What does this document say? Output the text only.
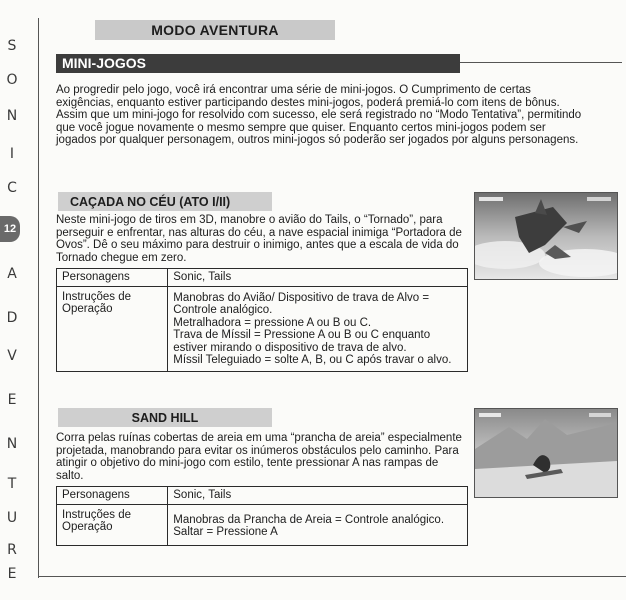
S
O
N
I
C
12
A
D
V
E
N
T
U
R
E
MODO AVENTURA
MINI-JOGOS

Ao progredir pelo jogo, você irá encontrar uma série de mini-jogos. O Cumprimento de certas exigências, enquanto estiver participando destes mini-jogos, poderá premiá-lo com itens de bônus. Assim que um mini-jogo for resolvido com sucesso, ele será registrado no “Modo Tentativa”, permitindo que você jogue novamente o mesmo sempre que quiser. Enquanto certos mini-jogos podem ser jogados por qualquer personagem, outros mini-jogos só poderão ser jogados por alguns personagens.

CAÇADA NO CÉU (ATO I/II)

Neste mini-jogo de tiros em 3D, manobre o avião do Tails, o “Tornado”, para perseguir e enfrentar, nas alturas do céu, a nave espacial inimiga “Portadora de Ovos”. Dê o seu máximo para destruir o inimigo, antes que a escala de vida do Tornado chegue em zero.

Personagens	Sonic, Tails
Instruções de Operação	Manobras do Avião/ Dispositivo de trava de Alvo = Controle analógico.
Metralhadora = pressione A ou B ou C.
Trava de Míssil = Pressione A ou B ou C enquanto estiver mirando o dispositivo de trava de alvo.
Míssil Teleguiado = solte A, B, ou C após travar o alvo.
SAND HILL

Corra pelas ruínas cobertas de areia em uma “prancha de areia” especialmente projetada, manobrando para evitar os inúmeros obstáculos pelo caminho. Para atingir o objetivo do mini-jogo com estilo, tente pressionar A nas rampas de salto.

Personagens	Sonic, Tails
Instruções de Operação	Manobras da Prancha de Areia = Controle analógico.
Saltar = Pressione A
